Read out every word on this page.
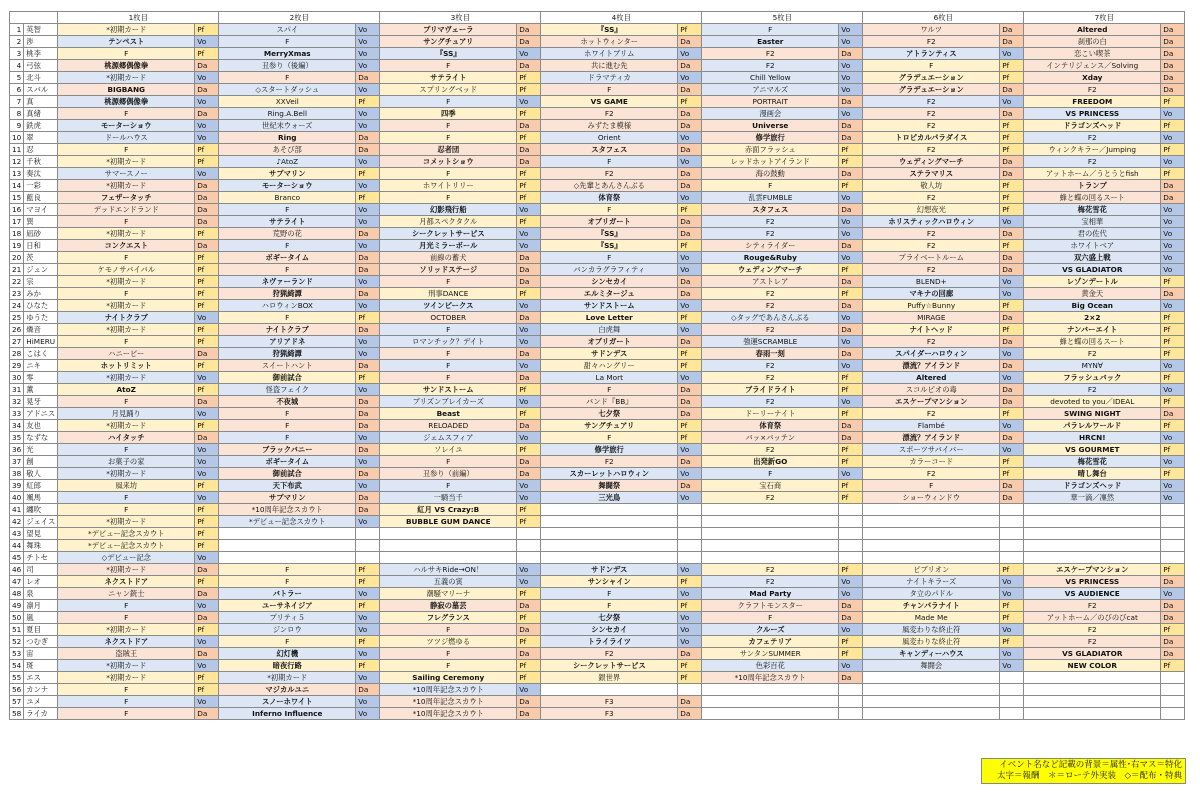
		1枚目		2枚目		3枚目		4枚目		5枚目		6枚目		7枚目	
1	英智	*初期カード	Pf	スパイ	Vo	プリマヴェーラ	Da	『SS』	Pf	F	Vo	ワルツ	Da	Altered	Da
2	渉	テンペスト	Vo	F	Vo	サングチュアリ	Da	ホットウィンター	Da	Easter	Vo	F2	Da	刹那の白	Da
3	桃李	F	Pf	MerryXmas	Vo	『SS』	Vo	ホワイトブリム	Vo	F2	Da	アトランティス	Vo	恋こい喫茶	Da
4	弓弦	桃源郷偶像拳	Da	丑参り（後編）	Vo	F	Da	共に進む先	Da	F2	Vo	F	Pf	インテリジェンス／Solving	Da
5	北斗	*初期カード	Vo	F	Da	サテライト	Pf	ドラマティカ	Vo	Chill Yellow	Vo	グラデュエーション	Pf	Xday	Da
6	スバル	BIGBANG	Da	◇スタートダッシュ	Vo	スプリングベッド	Pf	F	Da	アニマルズ	Vo	グラデュエーション	Da	F2	Da
7	真	桃源郷偶像拳	Vo	XXVeil	Pf	F	Vo	VS GAME	Pf	PORTRAIT	Da	F2	Vo	FREEDOM	Pf
8	真緒	F	Da	Ring.A.Bell	Vo	四季	Pf	F2	Da	漫画会	Vo	F2	Da	VS PRINCESS	Vo
9	鉄虎	モーターショウ	Vo	世紀末ウォーズ	Vo	F	Da	みずたま模様	Da	Universe	Da	F2	Pf	ドラゴンズヘッド	Pf
10	翠	ドールハウス	Vo	Ring	Da	F	Pf	Orient	Vo	修学旅行	Da	トロピカルパラダイス	Pf	F2	Vo
11	忍	F	Pf	あそび部	Da	忍者団	Da	スタフェス	Da	赤面フラッシュ	Pf	F2	Pf	ウィンクキラー／Jumping	Pf
12	千秋	*初期カード	Pf	♪AtoZ	Vo	コメットショウ	Da	F	Vo	レッドホットアイランド	Pf	ウェディングマーチ	Da	F2	Vo
13	奏汰	サマースノー	Vo	サプマリン	Pf	F	Pf	F2	Da	海の鼓動	Da	ステラマリス	Da	アットホーム／うとうとfish	Pf
14	一彩	*初期カード	Da	モーターショウ	Vo	ホワイトリリー	Pf	◇先輩とあんさんぶる	Da	F	Pf	敬人坊	Pf	トランプ	Da
15	藍良	フェザータッチ	Da	Branco	Pf	F	Pf	体育祭	Vo	乱雲FUMBLE	Vo	F2	Pf	蜂と蝶の回るスート	Da
16	マヨイ	デッドエンドランド	Da	F	Vo	幻影飛行船	Vo	F	Pf	スタフェス	Da	幻想夜光	Pf	梅花雪花	Vo
17	巽	F	Da	サテライト	Vo	月都スペクタクル	Pf	オプリガート	Da	F2	Vo	ホリスティックハロウィン	Vo	宝相華	Vo
18	凪砂	*初期カード	Pf	荒野の花	Da	シークレットサービス	Vo	『SS』	Da	F2	Vo	F2	Da	君の佐代	Vo
19	日和	コンクエスト	Da	F	Vo	月光ミラーボール	Vo	『SS』	Pf	シティライダー	Da	F2	Pf	ホワイトベア	Vo
20	茨	F	Pf	ボギータイム	Da	前線の蓄犬	Da	F	Vo	Rouge&Ruby	Vo	プライベートルーム	Da	双六盛上戦	Vo
21	ジュン	ケモノサバイバル	Pf	F	Da	ソリッドステージ	Da	バンカラグラフィティ	Vo	ウェディングマーチ	Pf	F2	Da	VS GLADIATOR	Vo
22	宗	*初期カード	Pf	ネヴァーランド	Vo	F	Da	シンセカイ	Da	アストレア	Da	BLEND+	Vo	レゾンデートル	Pf
23	みか	F	Pf	狩猟綺譚	Da	刑事DANCE	Pf	エルミタージュ	Da	F2	Pf	マキナの回廊	Vo	黄金天	Da
24	ひなた	*初期カード	Pf	ハロウィンBOX	Vo	ツインピークス	Vo	サンドストーム	Vo	F2	Da	Puffy☆Bunny	Pf	Big Ocean	Vo
25	ゆうた	ナイトクラブ	Vo	F	Pf	OCTOBER	Da	Love Letter	Pf	◇タッグであんさんぶる	Vo	MIRAGE	Da	2×2	Pf
26	燐音	*初期カード	Pf	ナイトクラブ	Da	F	Vo	白虎舞	Vo	F2	Da	ナイトヘッド	Pf	ナンバーエイト	Pf
27	HiMERU	F	Pf	アリアドネ	Vo	ロマンチック？デイト	Vo	オプリガート	Da	強運SCRAMBLE	Vo	F2	Da	蜂と蝶の回るスート	Pf
28	こはく	ハニービー	Da	狩猟綺譚	Vo	F	Da	サドンデス	Pf	春雨一刻	Da	スパイダーハロウィン	Vo	F2	Pf
29	ニキ	ホットリミット	Pf	スイートハント	Da	F	Vo	甜々ハングリー	Pf	F2	Vo	漂流？アイランド	Da	MYN∀	Vo
30	零	*初期カード	Vo	御前試合	Pf	F	Da	La Mort	Vo	F2	Pf	Altered	Vo	フラッシュバック	Pf
31	薫	AtoZ	Pf	怪盗フェイク	Vo	サンドストーム	Pf	F	Da	ブライドライト	Pf	スコルピオの毒	Da	F2	Vo
32	晃牙	F	Da	不夜城	Da	ブリズンブレイカーズ	Vo	バンド『BB』	Da	F2	Vo	エスケープマンション	Da	devoted to you／IDEAL	Pf
33	アドニス	月見踊り	Vo	F	Da	Beast	Pf	七夕祭	Da	ドーリーナイト	Pf	F2	Pf	SWING NIGHT	Da
34	友也	*初期カード	Pf	F	Da	RELOADED	Da	サングチュアリ	Pf	体育祭	Da	Flambé	Vo	パラレルワールド	Pf
35	なずな	ハイタッチ	Da	F	Vo	ジェムスフィア	Vo	F	Pf	バッ×バッテン	Da	漂流？アイランド	Da	HRCN!	Vo
36	光	F	Vo	ブラックバニー	Da	ソレイユ	Pf	修学旅行	Vo	F2	Pf	スポーツサバイバー	Vo	VS GOURMET	Pf
37	創	お菓子の家	Vo	ボギータイム	Vo	F	Da	F2	Da	出発新GO	Pf	カラーコード	Pf	梅花雪花	Vo
38	敬人	*初期カード	Vo	御前試合	Da	丑参り（前編）	Da	スカーレットハロウィン	Vo	F	Vo	F2	Pf	晴し舞台	Pf
39	紅郎	風来坊	Pf	天下布武	Vo	F	Vo	舞闘祭	Da	宝石商	Pf	F	Da	ドラゴンズヘッド	Vo
40	颯馬	F	Vo	サプマリン	Da	一騎当千	Vo	三光鳥	Vo	F2	Pf	ショーウィンドウ	Da	華一滴／凜然	Vo
41	纏吹	F	Pf	*10周年記念スカウト	Da	紅月 VS Crazy:B	Pf								
42	ジェイス	*初期カード	Pf	*デビュー記念スカウト	Vo	BUBBLE GUM DANCE	Pf								
43	望見	*デビュー記念スカウト	Pf												
44	舞珠	*デビュー記念スカウト	Pf												
45	チトセ	◇デビュー記念	Vo												
46	司	*初期カード	Da	F	Pf	ハルサキRide→ON！	Vo	サドンデス	Vo	F2	Pf	ピブリオン	Pf	エスケープマンション	Pf
47	レオ	ネクストドア	Pf	F	Pf	五義の寅	Vo	サンシャイン	Pf	F2	Vo	ナイトキラーズ	Vo	VS PRINCESS	Da
48	泉	ニャン銃士	Da	バトラー	Vo	潮騒マリーナ	Pf	F	Vo	Mad Party	Vo	タ立のパドル	Vo	VS AUDIENCE	Vo
49	凛月	F	Vo	ユーサネイジア	Pf	静寂の墓芸	Da	F	Pf	クラフトモンスター	Da	チャンパラナイト	Pf	F2	Da
50	嵐	F	Da	プリティ５	Vo	フレグランス	Pf	七夕祭	Vo	F	Da	Made Me	Pf	アットホーム／のびのびcat	Da
51	夏目	*初期カード	Pf	ジンロウ	Vo	F	Da	シンセカイ	Vo	クルーズ	Vo	風変わりな終止符	Vo	F2	Pf
52	つむぎ	ネクストドア	Vo	F	Pf	ツツジ燃ゆる	Pf	トライライツ	Vo	カフェテリア	Pf	風変わりな終止符	Pf	F2	Da
53	宙	盗賊王	Da	幻灯機	Vo	F	Da	F2	Da	サンタンSUMMER	Pf	キャンディーハウス	Vo	VS GLADIATOR	Da
54	斑	*初期カード	Vo	暗夜行路	Pf	F	Pf	シークレットサービス	Pf	色彩百花	Vo	舞闘会	Vo	NEW COLOR	Pf
55	エス	*初期カード	Pf	*初期カード	Vo	Sailing Ceremony	Pf	銀世界	Pf	*10周年記念スカウト	Da				
56	カンナ	F	Pf	マジカルユニ	Da	*10周年記念スカウト	Vo								
57	ユメ	F	Vo	スノーホワイト	Vo	*10周年記念スカウト	Da	F3	Da						
58	ライカ	F	Da	Inferno Influence	Vo	*10周年記念スカウト	Da	F3	Da						
イベント名など記載の背景＝属性･右マス＝特化
太字＝報酬　＊＝ローテ外実装　◇＝配布・特典
